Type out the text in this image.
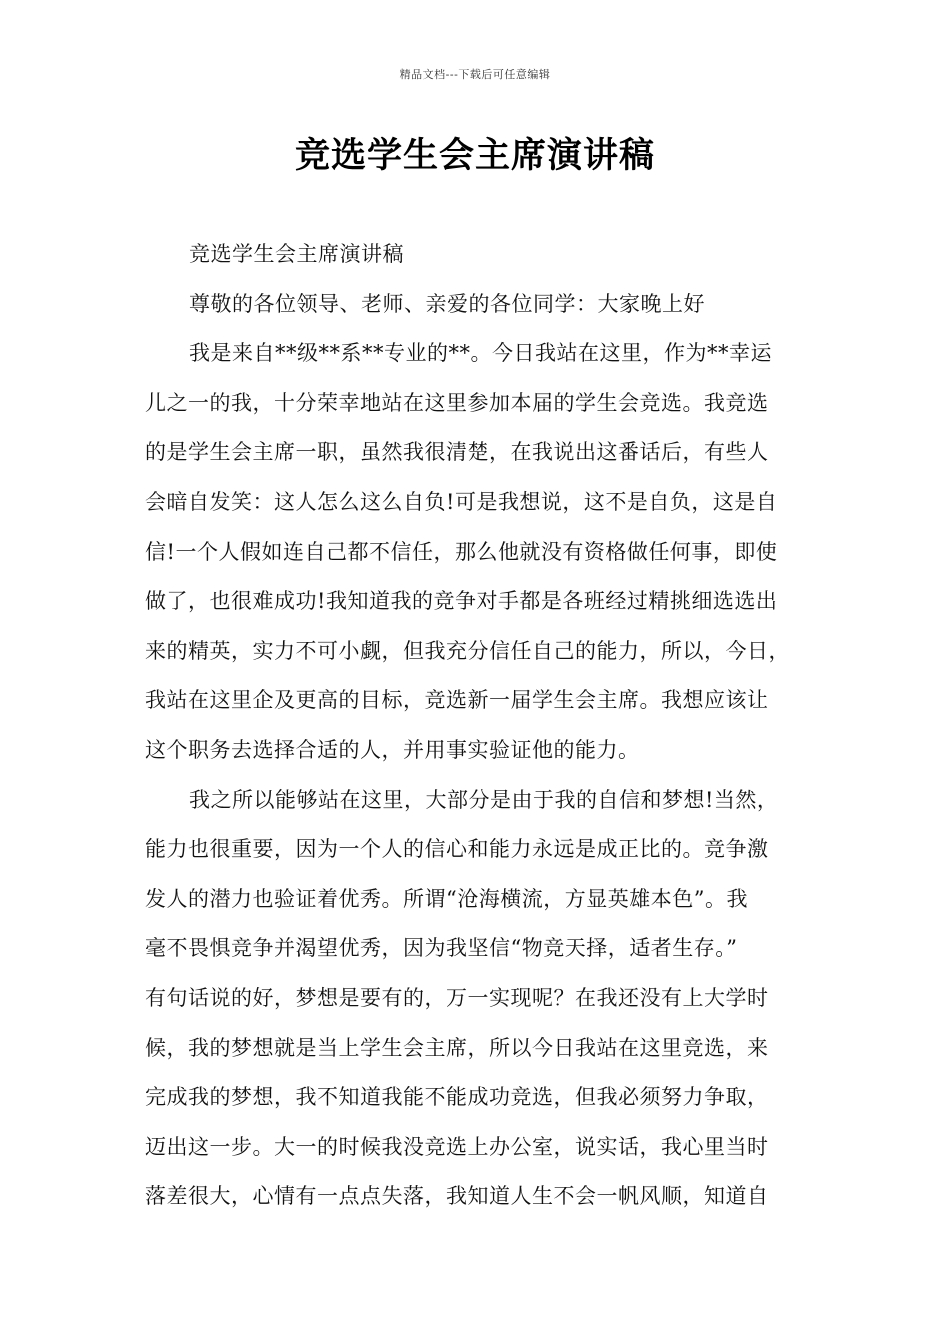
精品文档---下载后可任意编辑
竞选学生会主席演讲稿
竞选学生会主席演讲稿
尊敬的各位领导、老师、亲爱的各位同学：大家晚上好
我是来自**级**系**专业的**。今日我站在这里，作为**幸运
儿之一的我，十分荣幸地站在这里参加本届的学生会竞选。我竞选
的是学生会主席一职，虽然我很清楚，在我说出这番话后，有些人
会暗自发笑：这人怎么这么自负!可是我想说，这不是自负，这是自
信!一个人假如连自己都不信任，那么他就没有资格做任何事，即使
做了，也很难成功!我知道我的竞争对手都是各班经过精挑细选选出
来的精英，实力不可小觑，但我充分信任自己的能力，所以，今日，
我站在这里企及更高的目标，竞选新一届学生会主席。我想应该让
这个职务去选择合适的人，并用事实验证他的能力。
我之所以能够站在这里，大部分是由于我的自信和梦想!当然，
能力也很重要，因为一个人的信心和能力永远是成正比的。竞争激
发人的潜力也验证着优秀。所谓“沧海横流，方显英雄本色”。我
毫不畏惧竞争并渴望优秀，因为我坚信“物竞天择，适者生存。”
有句话说的好，梦想是要有的，万一实现呢？在我还没有上大学时
候，我的梦想就是当上学生会主席，所以今日我站在这里竞选，来
完成我的梦想，我不知道我能不能成功竞选，但我必须努力争取，
迈出这一步。大一的时候我没竞选上办公室，说实话，我心里当时
落差很大，心情有一点点失落，我知道人生不会一帆风顺，知道自
